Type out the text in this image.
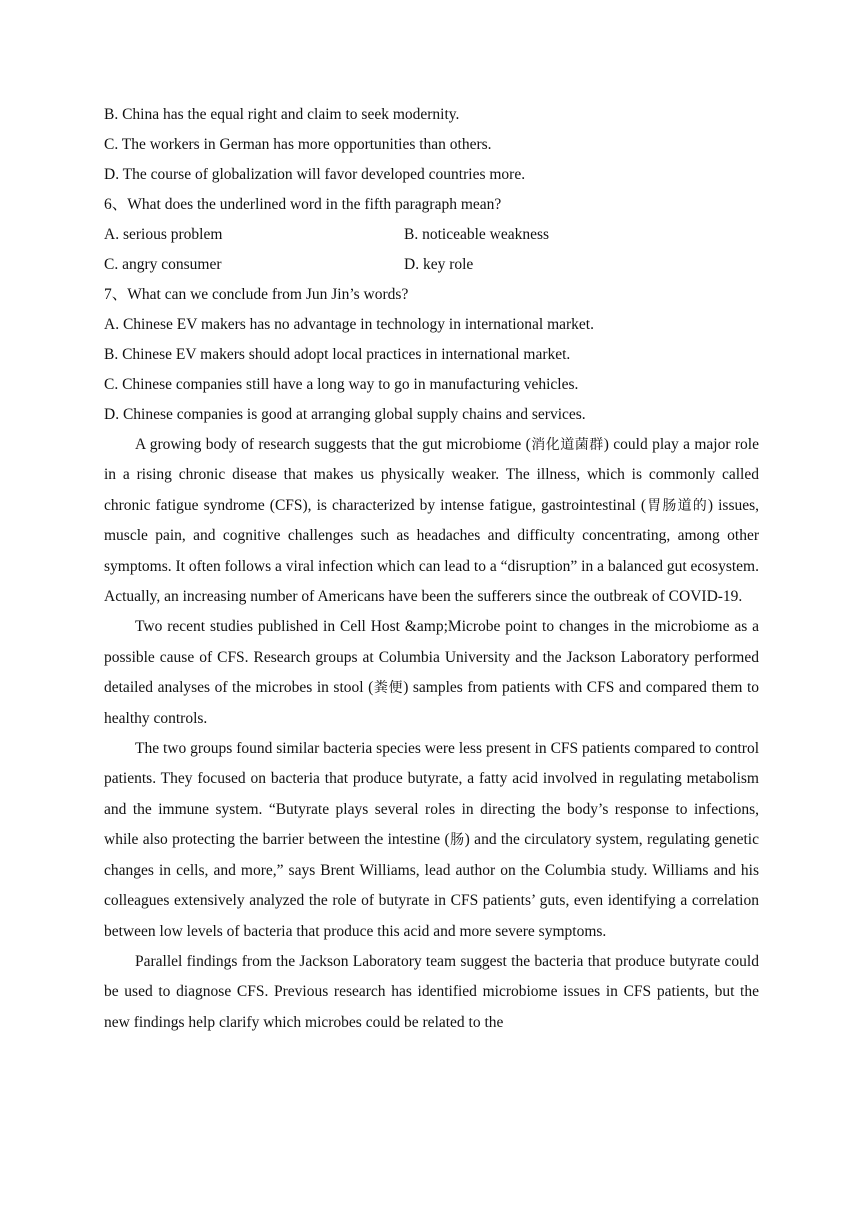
B. China has the equal right and claim to seek modernity.
C. The workers in German has more opportunities than others.
D. The course of globalization will favor developed countries more.
6、What does the underlined word in the fifth paragraph mean?
A. serious problem	B. noticeable weakness
C. angry consumer	D. key role
7、What can we conclude from Jun Jin’s words?
A. Chinese EV makers has no advantage in technology in international market.
B. Chinese EV makers should adopt local practices in international market.
C. Chinese companies still have a long way to go in manufacturing vehicles.
D. Chinese companies is good at arranging global supply chains and services.

A growing body of research suggests that the gut microbiome (消化道菌群) could play a major role in a rising chronic disease that makes us physically weaker. The illness, which is commonly called chronic fatigue syndrome (CFS), is characterized by intense fatigue, gastrointestinal (胃肠道的) issues, muscle pain, and cognitive challenges such as headaches and difficulty concentrating, among other symptoms. It often follows a viral infection which can lead to a “disruption” in a balanced gut ecosystem. Actually, an increasing number of Americans have been the sufferers since the outbreak of COVID-19.

Two recent studies published in Cell Host &amp;Microbe point to changes in the microbiome as a possible cause of CFS. Research groups at Columbia University and the Jackson Laboratory performed detailed analyses of the microbes in stool (粪便) samples from patients with CFS and compared them to healthy controls.

The two groups found similar bacteria species were less present in CFS patients compared to control patients. They focused on bacteria that produce butyrate, a fatty acid involved in regulating metabolism and the immune system. “Butyrate plays several roles in directing the body’s response to infections, while also protecting the barrier between the intestine (肠) and the circulatory system, regulating genetic changes in cells, and more,” says Brent Williams, lead author on the Columbia study. Williams and his colleagues extensively analyzed the role of butyrate in CFS patients’ guts, even identifying a correlation between low levels of bacteria that produce this acid and more severe symptoms.

Parallel findings from the Jackson Laboratory team suggest the bacteria that produce butyrate could be used to diagnose CFS. Previous research has identified microbiome issues in CFS patients, but the new findings help clarify which microbes could be related to the
